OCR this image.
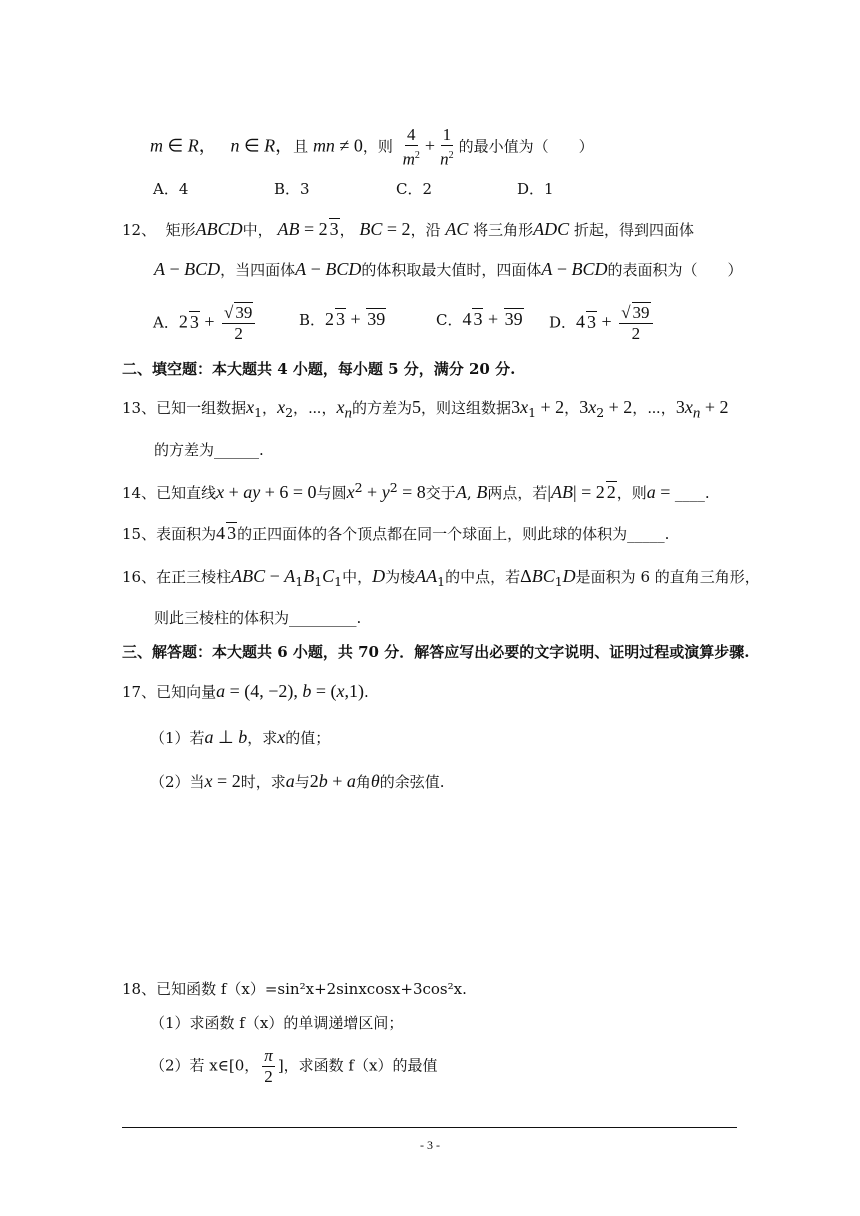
m ∈ R，   n ∈ R，且 mn ≠ 0，则 $\frac{4}{m^2} + \frac{1}{n^2}$ 的最小值为（　　）
A．4	B．3	C．2	D．1
12、 矩形ABCD中， AB = 2 3， BC = 2，沿 AC 将三角形ADC 折起，得到四面体
A − BCD，当四面体A − BCD的体积取最大值时，四面体A − BCD的表面积为（　　）
A．2 $3 + \frac{√ 39}{2}$	B．2 3 + 39	C．4 3 + 39 D．4 $3 + \frac{√ 39}{2}$
二、填空题：本大题共 4 小题，每小题 5 分，满分 20 分.
13、已知一组数据$x_1$，$x_2$，⋯，$x_n$的方差为5，则这组数据$3x_1 + 2$，$3x_2 + 2$，⋯，$3x_n + 2$
的方差为______.
14、已知直线x + ay + 6 = 0与圆$x^2 + y^2 = 8$交于A, B两点，若|AB| = 2 2，则a = ____.
15、表面积为4 3的正四面体的各个顶点都在同一个球面上，则此球的体积为_____.
16、在正三棱柱ABC − $A_1B_1C_1$中，D为棱$AA_1$的中点，若$\Delta BC_1D$是面积为 6 的直角三角形，
则此三棱柱的体积为_________.
三、解答题：本大题共 6 小题，共 70 分．解答应写出必要的文字说明、证明过程或演算步骤.
17、已知向量a = (4, −2), b = (x,1).
（1）若a ⊥ b，求x的值；
（2）当x = 2时，求a与2b + a角θ的余弦值.
18、已知函数 f（x）=sin²x+2sinxcosx+3cos²x.
（1）求函数 f（x）的单调递增区间；
（2）若 x∈[0， $\frac{\pi}{2}$ ]，求函数 f（x）的最值
- 3 -
